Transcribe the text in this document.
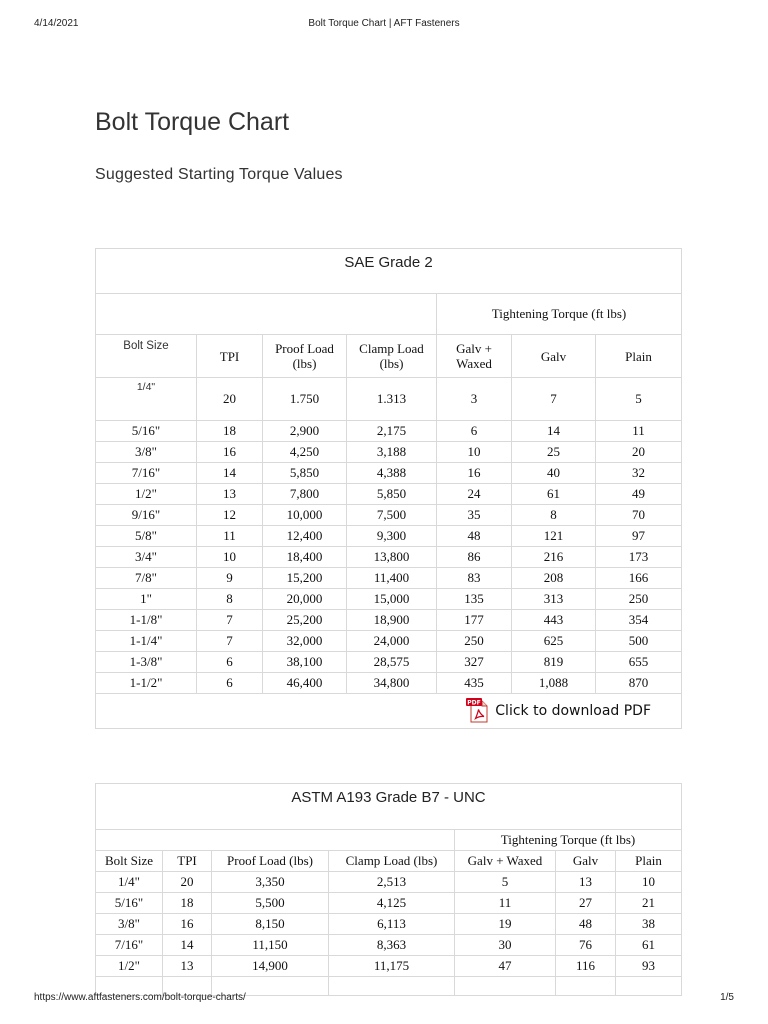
4/14/2021	Bolt Torque Chart | AFT Fasteners
Bolt Torque Chart
Suggested Starting Torque Values
SAE Grade 2						
				Tightening Torque (ft lbs)		
Bolt Size	TPI	Proof Load (lbs)	Clamp Load (lbs)	Galv + Waxed	Galv	Plain
1/4"	20	1.750	1.313	3	7	5
5/16"	18	2,900	2,175	6	14	11
3/8"	16	4,250	3,188	10	25	20
7/16"	14	5,850	4,388	16	40	32
1/2"	13	7,800	5,850	24	61	49
9/16"	12	10,000	7,500	35	8	70
5/8"	11	12,400	9,300	48	121	97
3/4"	10	18,400	13,800	86	216	173
7/8"	9	15,200	11,400	83	208	166
1"	8	20,000	15,000	135	313	250
1-1/8"	7	25,200	18,900	177	443	354
1-1/4"	7	32,000	24,000	250	625	500
1-3/8"	6	38,100	28,575	327	819	655
1-1/2"	6	46,400	34,800	435	1,088	870

PDF Click to download PDF						
ASTM A193 Grade B7 - UNC						
				Tightening Torque (ft lbs)		
Bolt Size	TPI	Proof Load (lbs)	Clamp Load (lbs)	Galv + Waxed	Galv	Plain
1/4"	20	3,350	2,513	5	13	10
5/16"	18	5,500	4,125	11	27	21
3/8"	16	8,150	6,113	19	48	38
7/16"	14	11,150	8,363	30	76	61
1/2"	13	14,900	11,175	47	116	93

https://www.aftfasteners.com/bolt-torque-charts/	1/5
